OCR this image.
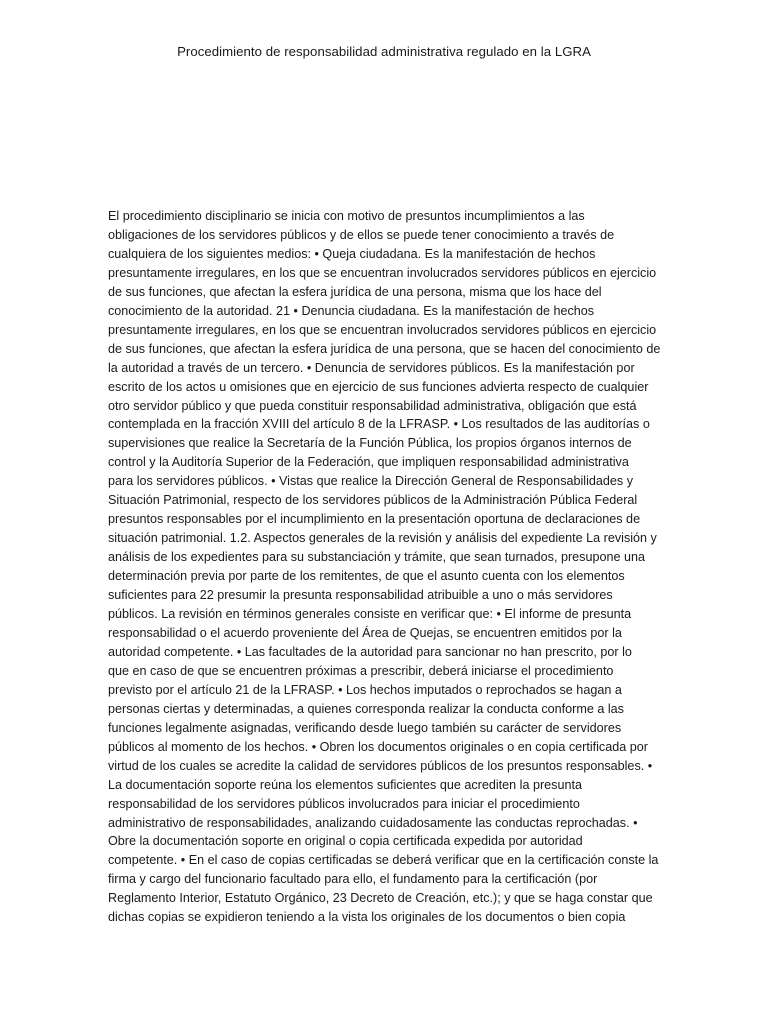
Procedimiento de responsabilidad administrativa regulado en la LGRA
El procedimiento disciplinario se inicia con motivo de presuntos incumplimientos a las
obligaciones de los servidores públicos y de ellos se puede tener conocimiento a través de
cualquiera de los siguientes medios: • Queja ciudadana. Es la manifestación de hechos
presuntamente irregulares, en los que se encuentran involucrados servidores públicos en ejercicio
de sus funciones, que afectan la esfera jurídica de una persona, misma que los hace del
conocimiento de la autoridad. 21 • Denuncia ciudadana. Es la manifestación de hechos
presuntamente irregulares, en los que se encuentran involucrados servidores públicos en ejercicio
de sus funciones, que afectan la esfera jurídica de una persona, que se hacen del conocimiento de
la autoridad a través de un tercero. • Denuncia de servidores públicos. Es la manifestación por
escrito de los actos u omisiones que en ejercicio de sus funciones advierta respecto de cualquier
otro servidor público y que pueda constituir responsabilidad administrativa, obligación que está
contemplada en la fracción XVIII del artículo 8 de la LFRASP. • Los resultados de las auditorías o
supervisiones que realice la Secretaría de la Función Pública, los propios órganos internos de
control y la Auditoría Superior de la Federación, que impliquen responsabilidad administrativa
para los servidores públicos. • Vistas que realice la Dirección General de Responsabilidades y
Situación Patrimonial, respecto de los servidores públicos de la Administración Pública Federal
presuntos responsables por el incumplimiento en la presentación oportuna de declaraciones de
situación patrimonial. 1.2. Aspectos generales de la revisión y análisis del expediente La revisión y
análisis de los expedientes para su substanciación y trámite, que sean turnados, presupone una
determinación previa por parte de los remitentes, de que el asunto cuenta con los elementos
suficientes para 22 presumir la presunta responsabilidad atribuible a uno o más servidores
públicos. La revisión en términos generales consiste en verificar que: • El informe de presunta
responsabilidad o el acuerdo proveniente del Área de Quejas, se encuentren emitidos por la
autoridad competente. • Las facultades de la autoridad para sancionar no han prescrito, por lo
que en caso de que se encuentren próximas a prescribir, deberá iniciarse el procedimiento
previsto por el artículo 21 de la LFRASP. • Los hechos imputados o reprochados se hagan a
personas ciertas y determinadas, a quienes corresponda realizar la conducta conforme a las
funciones legalmente asignadas, verificando desde luego también su carácter de servidores
públicos al momento de los hechos. • Obren los documentos originales o en copia certificada por
virtud de los cuales se acredite la calidad de servidores públicos de los presuntos responsables. •
La documentación soporte reúna los elementos suficientes que acrediten la presunta
responsabilidad de los servidores públicos involucrados para iniciar el procedimiento
administrativo de responsabilidades, analizando cuidadosamente las conductas reprochadas. •
Obre la documentación soporte en original o copia certificada expedida por autoridad
competente. • En el caso de copias certificadas se deberá verificar que en la certificación conste la
firma y cargo del funcionario facultado para ello, el fundamento para la certificación (por
Reglamento Interior, Estatuto Orgánico, 23 Decreto de Creación, etc.); y que se haga constar que
dichas copias se expidieron teniendo a la vista los originales de los documentos o bien copia
